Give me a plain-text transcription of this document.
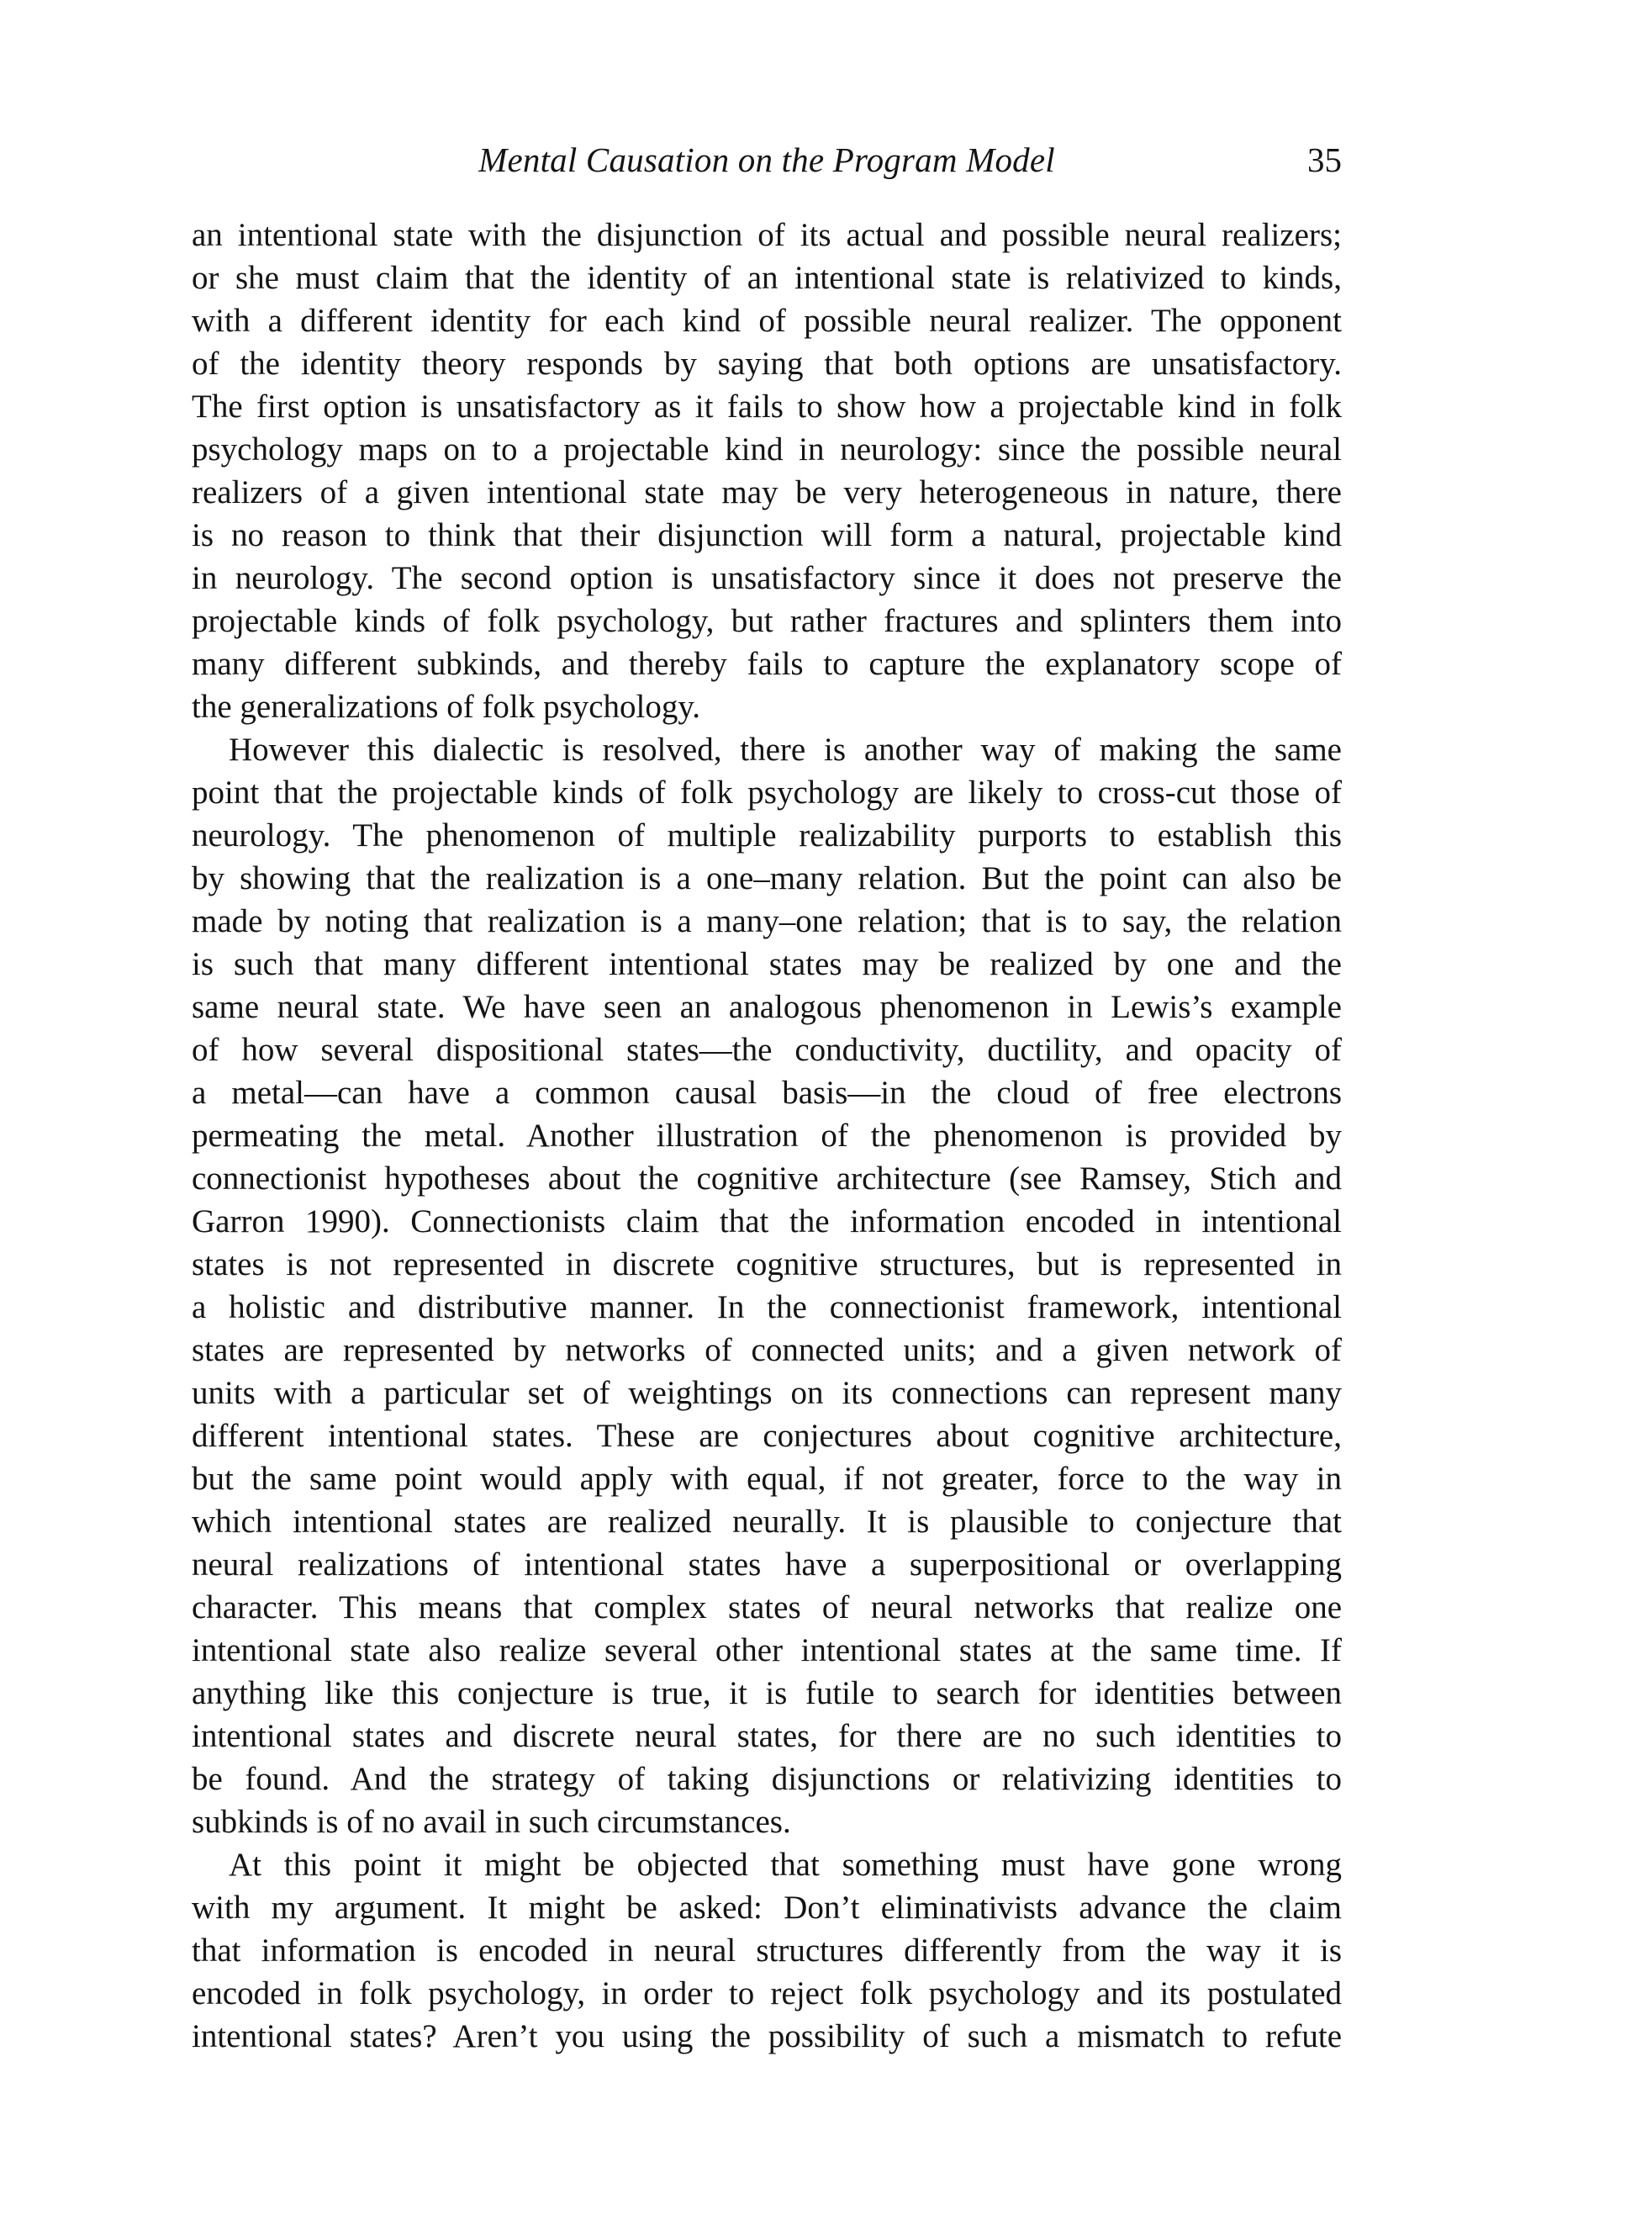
Mental Causation on the Program Model	35
an intentional state with the disjunction of its actual and possible neural realizers;
or she must claim that the identity of an intentional state is relativized to kinds,
with a different identity for each kind of possible neural realizer. The opponent
of the identity theory responds by saying that both options are unsatisfactory.
The first option is unsatisfactory as it fails to show how a projectable kind in folk
psychology maps on to a projectable kind in neurology: since the possible neural
realizers of a given intentional state may be very heterogeneous in nature, there
is no reason to think that their disjunction will form a natural, projectable kind
in neurology. The second option is unsatisfactory since it does not preserve the
projectable kinds of folk psychology, but rather fractures and splinters them into
many different subkinds, and thereby fails to capture the explanatory scope of
the generalizations of folk psychology.
However this dialectic is resolved, there is another way of making the same
point that the projectable kinds of folk psychology are likely to cross-cut those of
neurology. The phenomenon of multiple realizability purports to establish this
by showing that the realization is a one–many relation. But the point can also be
made by noting that realization is a many–one relation; that is to say, the relation
is such that many different intentional states may be realized by one and the
same neural state. We have seen an analogous phenomenon in Lewis’s example
of how several dispositional states—the conductivity, ductility, and opacity of
a metal—can have a common causal basis—in the cloud of free electrons
permeating the metal. Another illustration of the phenomenon is provided by
connectionist hypotheses about the cognitive architecture (see Ramsey, Stich and
Garron 1990). Connectionists claim that the information encoded in intentional
states is not represented in discrete cognitive structures, but is represented in
a holistic and distributive manner. In the connectionist framework, intentional
states are represented by networks of connected units; and a given network of
units with a particular set of weightings on its connections can represent many
different intentional states. These are conjectures about cognitive architecture,
but the same point would apply with equal, if not greater, force to the way in
which intentional states are realized neurally. It is plausible to conjecture that
neural realizations of intentional states have a superpositional or overlapping
character. This means that complex states of neural networks that realize one
intentional state also realize several other intentional states at the same time. If
anything like this conjecture is true, it is futile to search for identities between
intentional states and discrete neural states, for there are no such identities to
be found. And the strategy of taking disjunctions or relativizing identities to
subkinds is of no avail in such circumstances.
At this point it might be objected that something must have gone wrong
with my argument. It might be asked: Don’t eliminativists advance the claim
that information is encoded in neural structures differently from the way it is
encoded in folk psychology, in order to reject folk psychology and its postulated
intentional states? Aren’t you using the possibility of such a mismatch to refute
